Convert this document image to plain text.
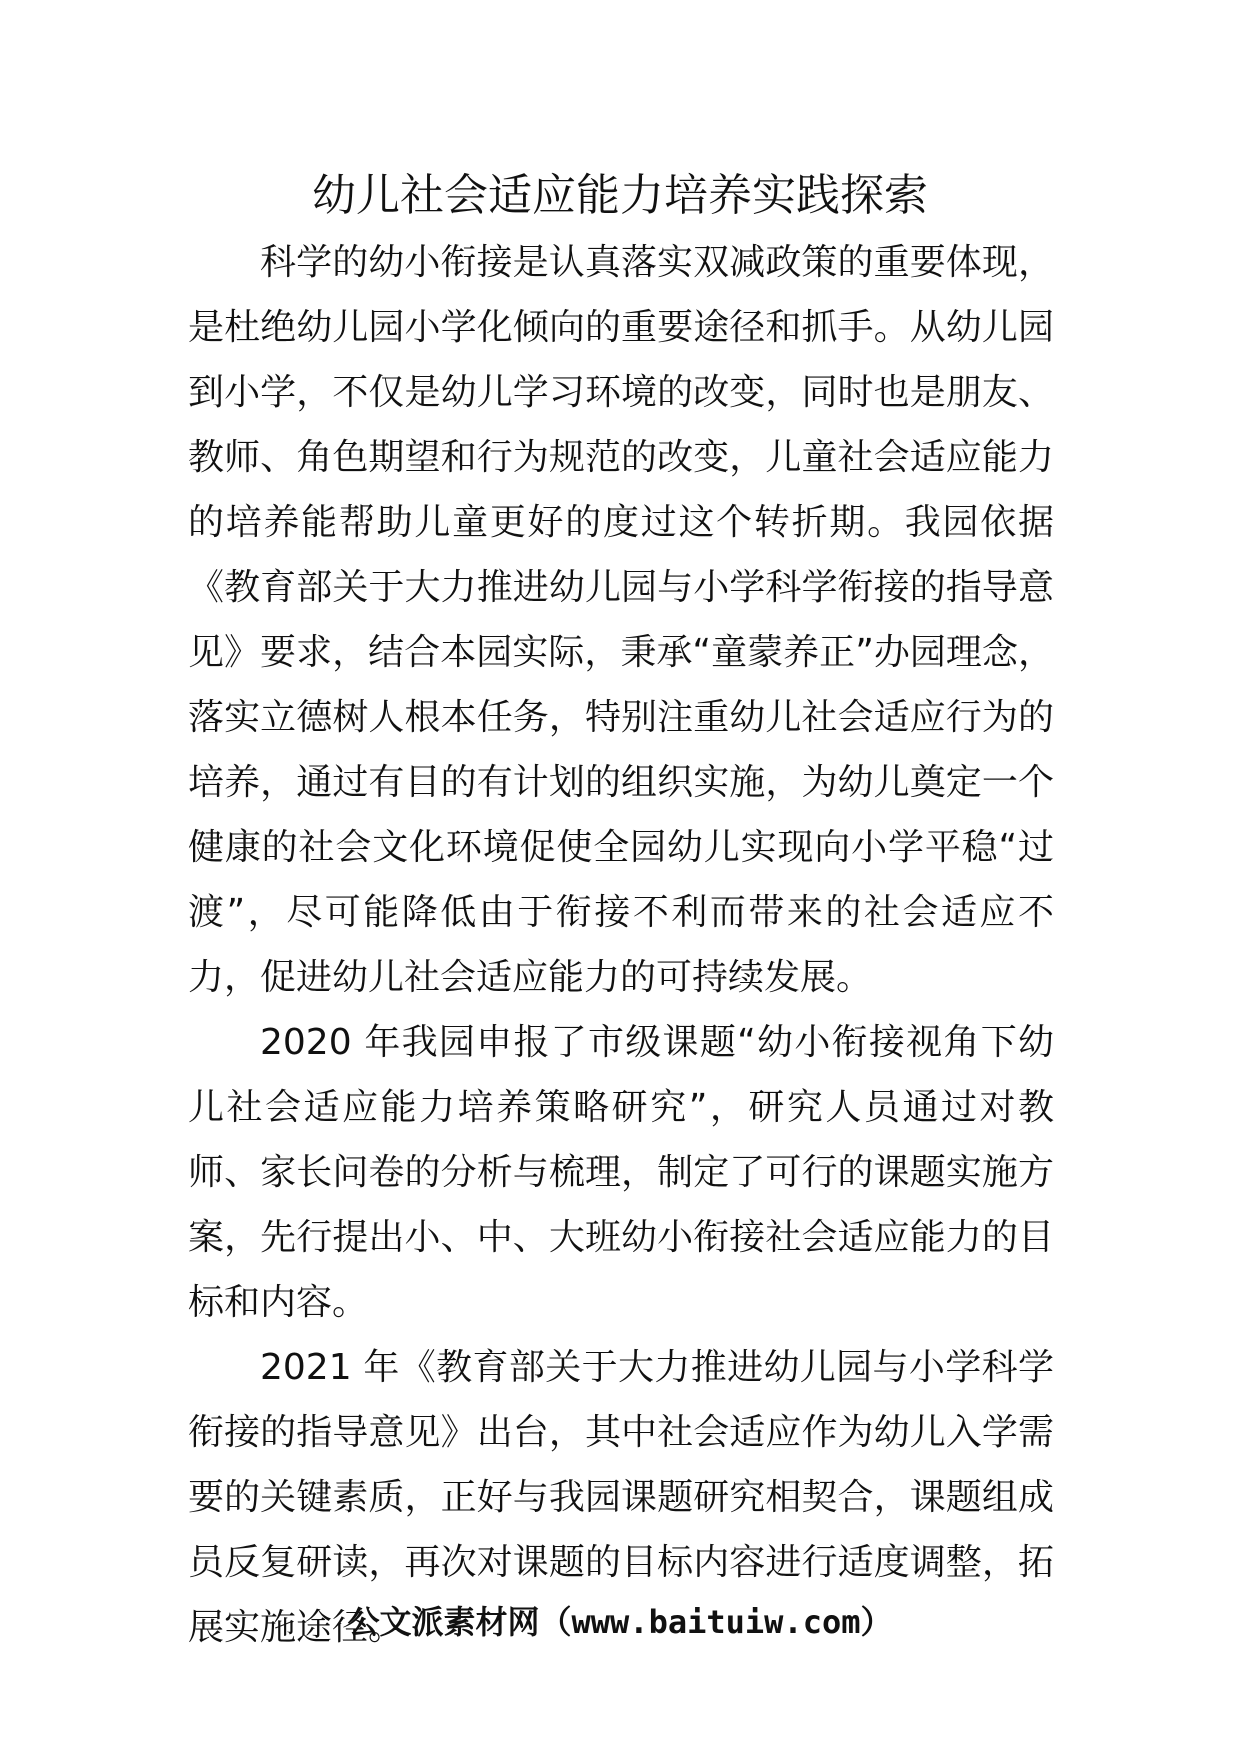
幼儿社会适应能力培养实践探索

科学的幼小衔接是认真落实双减政策的重要体现，是杜绝幼儿园小学化倾向的重要途径和抓手。从幼儿园到小学，不仅是幼儿学习环境的改变，同时也是朋友、教师、角色期望和行为规范的改变，儿童社会适应能力的培养能帮助儿童更好的度过这个转折期。我园依据《教育部关于大力推进幼儿园与小学科学衔接的指导意见》要求，结合本园实际，秉承“童蒙养正”办园理念，落实立德树人根本任务，特别注重幼儿社会适应行为的培养，通过有目的有计划的组织实施，为幼儿奠定一个健康的社会文化环境促使全园幼儿实现向小学平稳“过渡”，尽可能降低由于衔接不利而带来的社会适应不力，促进幼儿社会适应能力的可持续发展。

2020 年我园申报了市级课题“幼小衔接视角下幼儿社会适应能力培养策略研究”，研究人员通过对教师、家长问卷的分析与梳理，制定了可行的课题实施方案，先行提出小、中、大班幼小衔接社会适应能力的目标和内容。

2021 年《教育部关于大力推进幼儿园与小学科学衔接的指导意见》出台，其中社会适应作为幼儿入学需要的关键素质，正好与我园课题研究相契合，课题组成员反复研读，再次对课题的目标内容进行适度调整，拓展实施途径。

公文派素材网（www.baituiw.com）
